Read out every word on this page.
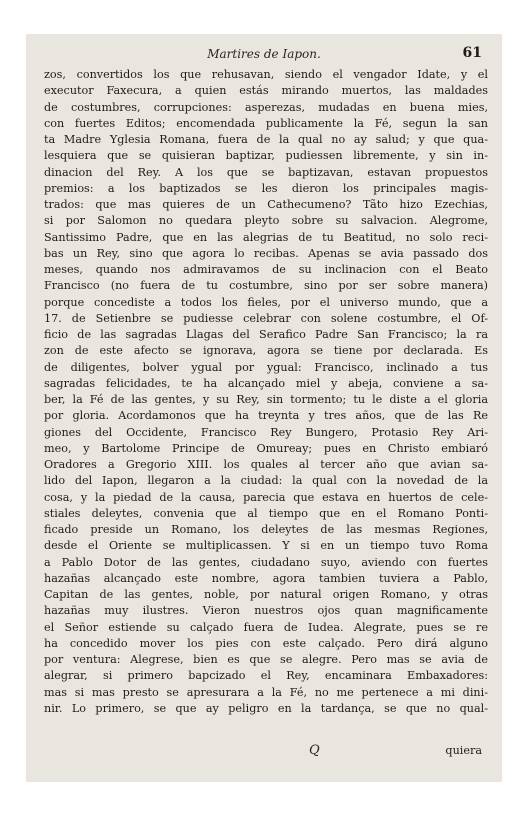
Martires de Iapon.	61
zos, convertidos los que rehusavan, siendo el vengador Idate, y el
executor Faxecura, a quien estás mirando muertos, las maldades
de costumbres, corrupciones: asperezas, mudadas en buena mies,
con fuertes Editos; encomendada publicamente la Fé, segun la san
ta Madre Yglesia Romana, fuera de la qual no ay salud; y que qua-
lesquiera que se quisieran baptizar, pudiessen libremente, y sin in-
dinacion del Rey. A los que se baptizavan, estavan propuestos
premios: a los baptizados se les dieron los principales magis-
trados: que mas quieres de un Cathecumeno? Tãto hizo Ezechias,
si por Salomon no quedara pleyto sobre su salvacion. Alegrome,
Santissimo Padre, que en las alegrias de tu Beatitud, no solo reci-
bas un Rey, sino que agora lo recibas. Apenas se avia passado dos
meses, quando nos admiravamos de su inclinacion con el Beato
Francisco (no fuera de tu costumbre, sino por ser sobre manera)
porque concediste a todos los fieles, por el universo mundo, que a
17. de Setienbre se pudiesse celebrar con solene costumbre, el Of-
ficio de las sagradas Llagas del Serafico Padre San Francisco; la ra
zon de este afecto se ignorava, agora se tiene por declarada. Es
de diligentes, bolver ygual por ygual: Francisco, inclinado a tus
sagradas felicidades, te ha alcançado miel y abeja, conviene a sa-
ber, la Fé de las gentes, y su Rey, sin tormento; tu le diste a el gloria
por gloria. Acordamonos que ha treynta y tres años, que de las Re
giones del Occidente, Francisco Rey Bungero, Protasio Rey Ari-
meo, y Bartolome Principe de Omureay; pues en Christo embiaró
Oradores a Gregorio XIII. los quales al tercer año que avian sa-
lido del Iapon, llegaron a la ciudad: la qual con la novedad de la
cosa, y la piedad de la causa, parecia que estava en huertos de cele-
stiales deleytes, convenia que al tiempo que en el Romano Ponti-
ficado preside un Romano, los deleytes de las mesmas Regiones,
desde el Oriente se multiplicassen. Y si en un tiempo tuvo Roma
a Pablo Dotor de las gentes, ciudadano suyo, aviendo con fuertes
hazañas alcançado este nombre, agora tambien tuviera a Pablo,
Capitan de las gentes, noble, por natural origen Romano, y otras
hazañas muy ilustres. Vieron nuestros ojos quan magnificamente
el Señor estiende su calçado fuera de Iudea. Alegrate, pues se re
ha concedido mover los pies con este calçado. Pero dirá alguno
por ventura: Alegrese, bien es que se alegre. Pero mas se avia de
alegrar, si primero bapcizado el Rey, encaminara Embaxadores:
mas si mas presto se apresurara a la Fé, no me pertenece a mi dini-
nir. Lo primero, se que ay peligro en la tardança, se que no qual-
Q	quiera
